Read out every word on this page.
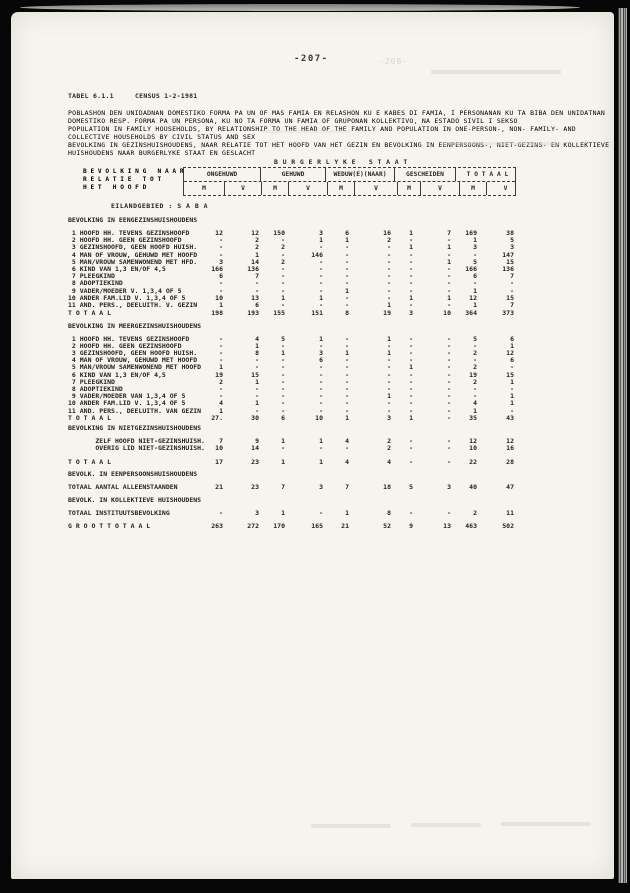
-207-	-208-
TABEL 6.1.1	CENSUS 1-2-1981
POBLASHON DEN UNIDADNAN DOMESTIKO FORMA PA UN OF MAS FAMIA EN RELASHON KU E KABES DI FAMIA, I PERSONANAN KU TA BIBA DEN UNIDATNAN
DOMESTIKO RESP. FORMA PA UN PERSONA, KU NO TA FORMA UN FAMIA OF GRUPONAN KOLLEKTIVO, NA ESTADO SIVIL I SEKSO
POPULATION IN FAMILY HOUSEHOLDS, BY RELATIONSHIP TO THE HEAD OF THE FAMILY AND POPULATION IN ONE-PERSON-, NON- FAMILY- AND
COLLECTIVE HOUSEHOLDS BY CIVIL STATUS AND SEX
BEVOLKING IN GEZINSHUISHOUDENS, NAAR RELATIE TOT HET HOOFD VAN HET GEZIN EN BEVOLKING IN EENPERSOONS-, NIET-GEZINS- EN KOLLEKTIEVE
HUISHOUDENS NAAR BURGERLYKE STAAT EN GESLACHT
B U R G E R L Y K E   S T A A T
B E V O L K I N G   N A A R
R E L A T I E   T O T
H E T   H O O F D
ONGEHUWD	GEHUWD	WEDUW(E)(NAAR)	GESCHEIDEN	T O T A A L
M	V	M	V	M	V	M	V	M	V
EILANDGEBIED : S A B A
BEVOLKING IN EENGEZINSHUISHOUDENS
1 HOOFD HH. TEVENS GEZINSHOOFD	12	12	150	3	6	16	1	7	169	38
2 HOOFD HH. GEEN GEZINSHOOFD	-	2	-	1	1	2	-	-	1	5
3 GEZINSHOOFD, GEEN HOOFD HUISH.	-	2	2	-	-	-	1	1	3	3
4 MAN OF VROUW, GEHUWD MET HOOFD	-	1	-	146	-	-	-	-	-	147
5 MAN/VROUW SAMENWONEND MET HFD.	3	14	2	-	-	-	-	1	5	15
6 KIND VAN 1,3 EN/OF 4,5	166	136	-	-	-	-	-	-	166	136
7 PLEEGKIND	6	7	-	-	-	-	-	-	6	7
8 ADOPTIEKIND	-	-	-	-	-	-	-	-	-	-
9 VADER/MOEDER V. 1,3,4 OF 5	-	-	-	-	1	-	-	-	1	-
10 ANDER FAM.LID V. 1,3,4 OF 5	10	13	1	1	-	-	1	1	12	15
11 AND. PERS., DEELUITH. V. GEZIN	1	6	-	-	-	1	-	-	1	7
T O T A A L	198	193	155	151	8	19	3	10	364	373
BEVOLKING IN MEERGEZINSHUISHOUDENS
1 HOOFD HH. TEVENS GEZINSHOOFD	-	4	5	1	-	1	-	-	5	6
2 HOOFD HH. GEEN GEZINSHOOFD	-	1	-	-	-	-	-	-	-	1
3 GEZINSHOOFD, GEEN HOOFD HUISH.	-	8	1	3	1	1	-	-	2	12
4 MAN OF VROUW, GEHUWD MET HOOFD	-	-	-	6	-	-	-	-	-	6
5 MAN/VROUW SAMENWONEND MET HOOFD	1	-	-	-	-	-	1	-	2	-
6 KIND VAN 1,3 EN/OF 4,5	19	15	-	-	-	-	-	-	19	15
7 PLEEGKIND	2	1	-	-	-	-	-	-	2	1
8 ADOPTIEKIND	-	-	-	-	-	-	-	-	-	-
9 VADER/MOEDER VAN 1,3,4 OF 5	-	-	-	-	-	1	-	-	-	1
10 ANDER FAM.LID V. 1,3,4 OF 5	4	1	-	-	-	-	-	-	4	1
11 AND. PERS., DEELUITH. VAN GEZIN	1	-	-	-	-	-	-	-	1	-
T O T A A L	27.	30	6	10	1	3	1	-	35	43
BEVOLKING IN NIETGEZINSHUISHOUDENS
ZELF HOOFD NIET-GEZINSHUISH.	7	9	1	1	4	2	-	-	12	12
OVERIG LID NIET-GEZINSHUISH.	10	14	-	-	-	2	-	-	10	16
T O T A A L	17	23	1	1	4	4	-	-	22	28
BEVOLK. IN EENPERSOONSHUISHOUDENS
TOTAAL AANTAL ALLEENSTAANDEN	21	23	7	3	7	18	5	3	40	47
BEVOLK. IN KOLLEKTIEVE HUISHOUDENS
TOTAAL INSTITUUTSBEVOLKING	-	3	1	-	1	8	-	-	2	11
G R O O T T O T A A L	263	272	170	165	21	52	9	13	463	502
